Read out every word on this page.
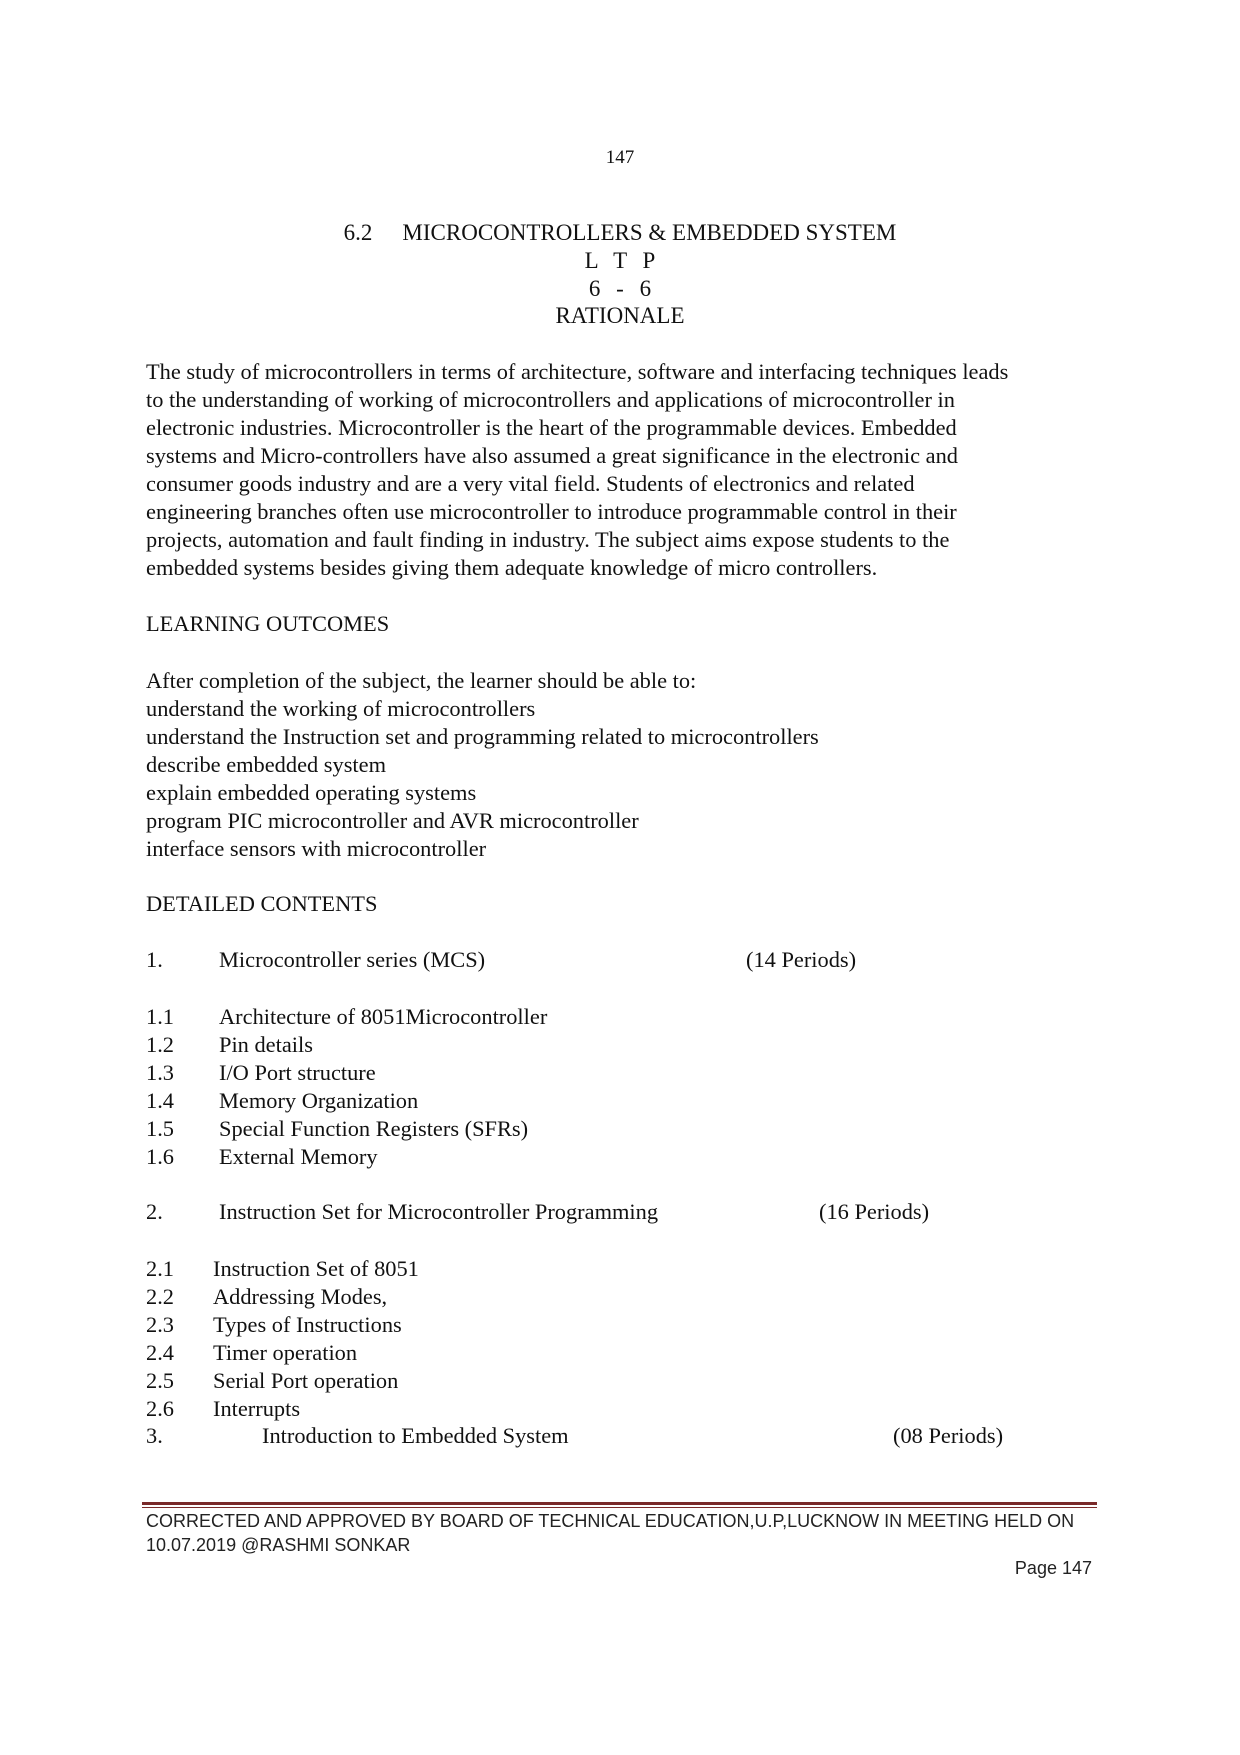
147
6.2 MICROCONTROLLERS & EMBEDDED SYSTEM
L T P
6 - 6
RATIONALE
The study of microcontrollers in terms of architecture, software and interfacing techniques leads
to the understanding of working of microcontrollers and applications of microcontroller in
electronic industries. Microcontroller is the heart of the programmable devices. Embedded
systems and Micro-controllers have also assumed a great significance in the electronic and
consumer goods industry and are a very vital field. Students of electronics and related
engineering branches often use microcontroller to introduce programmable control in their
projects, automation and fault finding in industry. The subject aims expose students to the
embedded systems besides giving them adequate knowledge of micro controllers.
LEARNING OUTCOMES
After completion of the subject, the learner should be able to:
understand the working of microcontrollers
understand the Instruction set and programming related to microcontrollers
describe embedded system
explain embedded operating systems
program PIC microcontroller and AVR microcontroller
interface sensors with microcontroller
DETAILED CONTENTS
1.	Microcontroller series (MCS)	(14 Periods)
1.1 Architecture of 8051Microcontroller
1.2 Pin details
1.3 I/O Port structure
1.4 Memory Organization
1.5 Special Function Registers (SFRs)
1.6 External Memory
2.	Instruction Set for Microcontroller Programming	(16 Periods)
2.1 Instruction Set of 8051
2.2 Addressing Modes,
2.3 Types of Instructions
2.4 Timer operation
2.5 Serial Port operation
2.6 Interrupts
3.	Introduction to Embedded System	(08 Periods)
CORRECTED AND APPROVED BY BOARD OF TECHNICAL EDUCATION,U.P,LUCKNOW IN MEETING HELD ON
10.07.2019 @RASHMI SONKAR
Page 147
